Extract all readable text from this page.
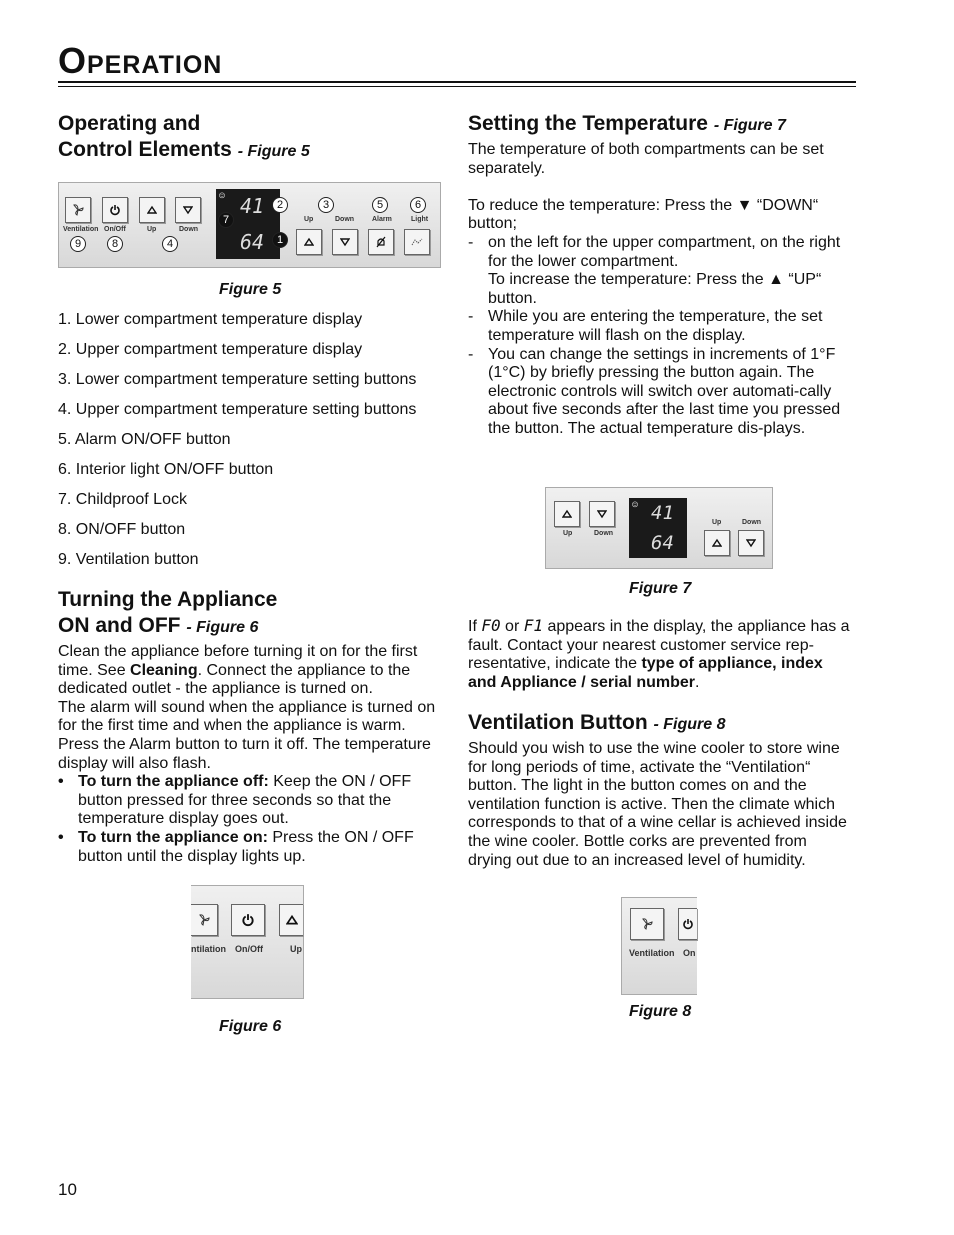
Operation
Operating and
Control Elements - Figure 5
Ventilation On/Off	Up	Down
9	8	4
☺ 41
64
2
7
1
3	5	6
Up	Down	Alarm	Light
Figure 5
1. Lower compartment temperature display
2. Upper compartment temperature display
3. Lower compartment temperature setting buttons
4. Upper compartment temperature setting buttons
5. Alarm ON/OFF button
6. Interior light ON/OFF button
7. Childproof Lock
8. ON/OFF button
9. Ventilation button
Turning the Appliance
ON and OFF - Figure 6
Clean the appliance before turning it on for the first time. See Cleaning. Connect the appliance to the dedicated outlet - the appliance is turned on.
The alarm will sound when the appliance is turned on for the first time and when the appliance is warm. Press the Alarm button to turn it off. The temperature display will also flash.
• To turn the appliance off: Keep the ON / OFF button pressed for three seconds so that the temperature display goes out.
• To turn the appliance on: Press the ON / OFF button until the display lights up.
ntilation On/Off	Up
Figure 6
Setting the Temperature - Figure 7
The temperature of both compartments can be set separately.
To reduce the temperature: Press the ▼ “DOWN“ button;
- on the left for the upper compartment, on the right for the lower compartment.
To increase the temperature: Press the ▲ “UP“ button.
- While you are entering the temperature, the set temperature will flash on the display.
- You can change the settings in increments of 1°F (1°C) by briefly pressing the button again. The electronic controls will switch over automati-cally about five seconds after the last time you pressed the button. The actual temperature dis-plays.
Up	Down
☺ 41
64
Up	Down
Figure 7
If F0 or F1 appears in the display, the appliance has a fault. Contact your nearest customer service rep-resentative, indicate the type of appliance, index and Appliance / serial number.
Ventilation Button - Figure 8
Should you wish to use the wine cooler to store wine for long periods of time, activate the “Ventilation“ button. The light in the button comes on and the ventilation function is active. Then the climate which corresponds to that of a wine cellar is achieved inside the wine cooler. Bottle corks are prevented from drying out due to an increased level of humidity.
Ventilation On
Figure 8
10
